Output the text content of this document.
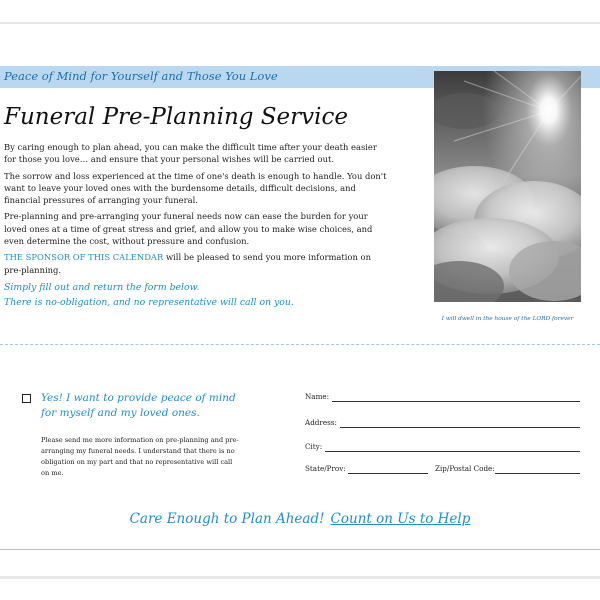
Peace of Mind for Yourself and Those You Love
Funeral Pre-Planning Service

By caring enough to plan ahead, you can make the difficult time after your death easier for those you love… and ensure that your personal wishes will be carried out.

The sorrow and loss experienced at the time of one's death is enough to handle. You don't want to leave your loved ones with the burdensome details, difficult decisions, and financial pressures of arranging your funeral.

Pre-planning and pre-arranging your funeral needs now can ease the burden for your loved ones at a time of great stress and grief, and allow you to make wise choices, and even determine the cost, without pressure and confusion.

THE SPONSOR OF THIS CALENDAR will be pleased to send you more information on pre-planning.

Simply fill out and return the form below.
There is no-obligation, and no representative will call on you.
I will dwell in the house of the LORD forever
Yes! I want to provide peace of mind for myself and my loved ones.
Please send me more information on pre-planning and pre-arranging my funeral needs. I understand that there is no obligation on my part and that no representative will call on me.
Name:
Address:
City:
State/Prov:	Zip/Postal Code:
Care Enough to Plan Ahead! Count on Us to Help
